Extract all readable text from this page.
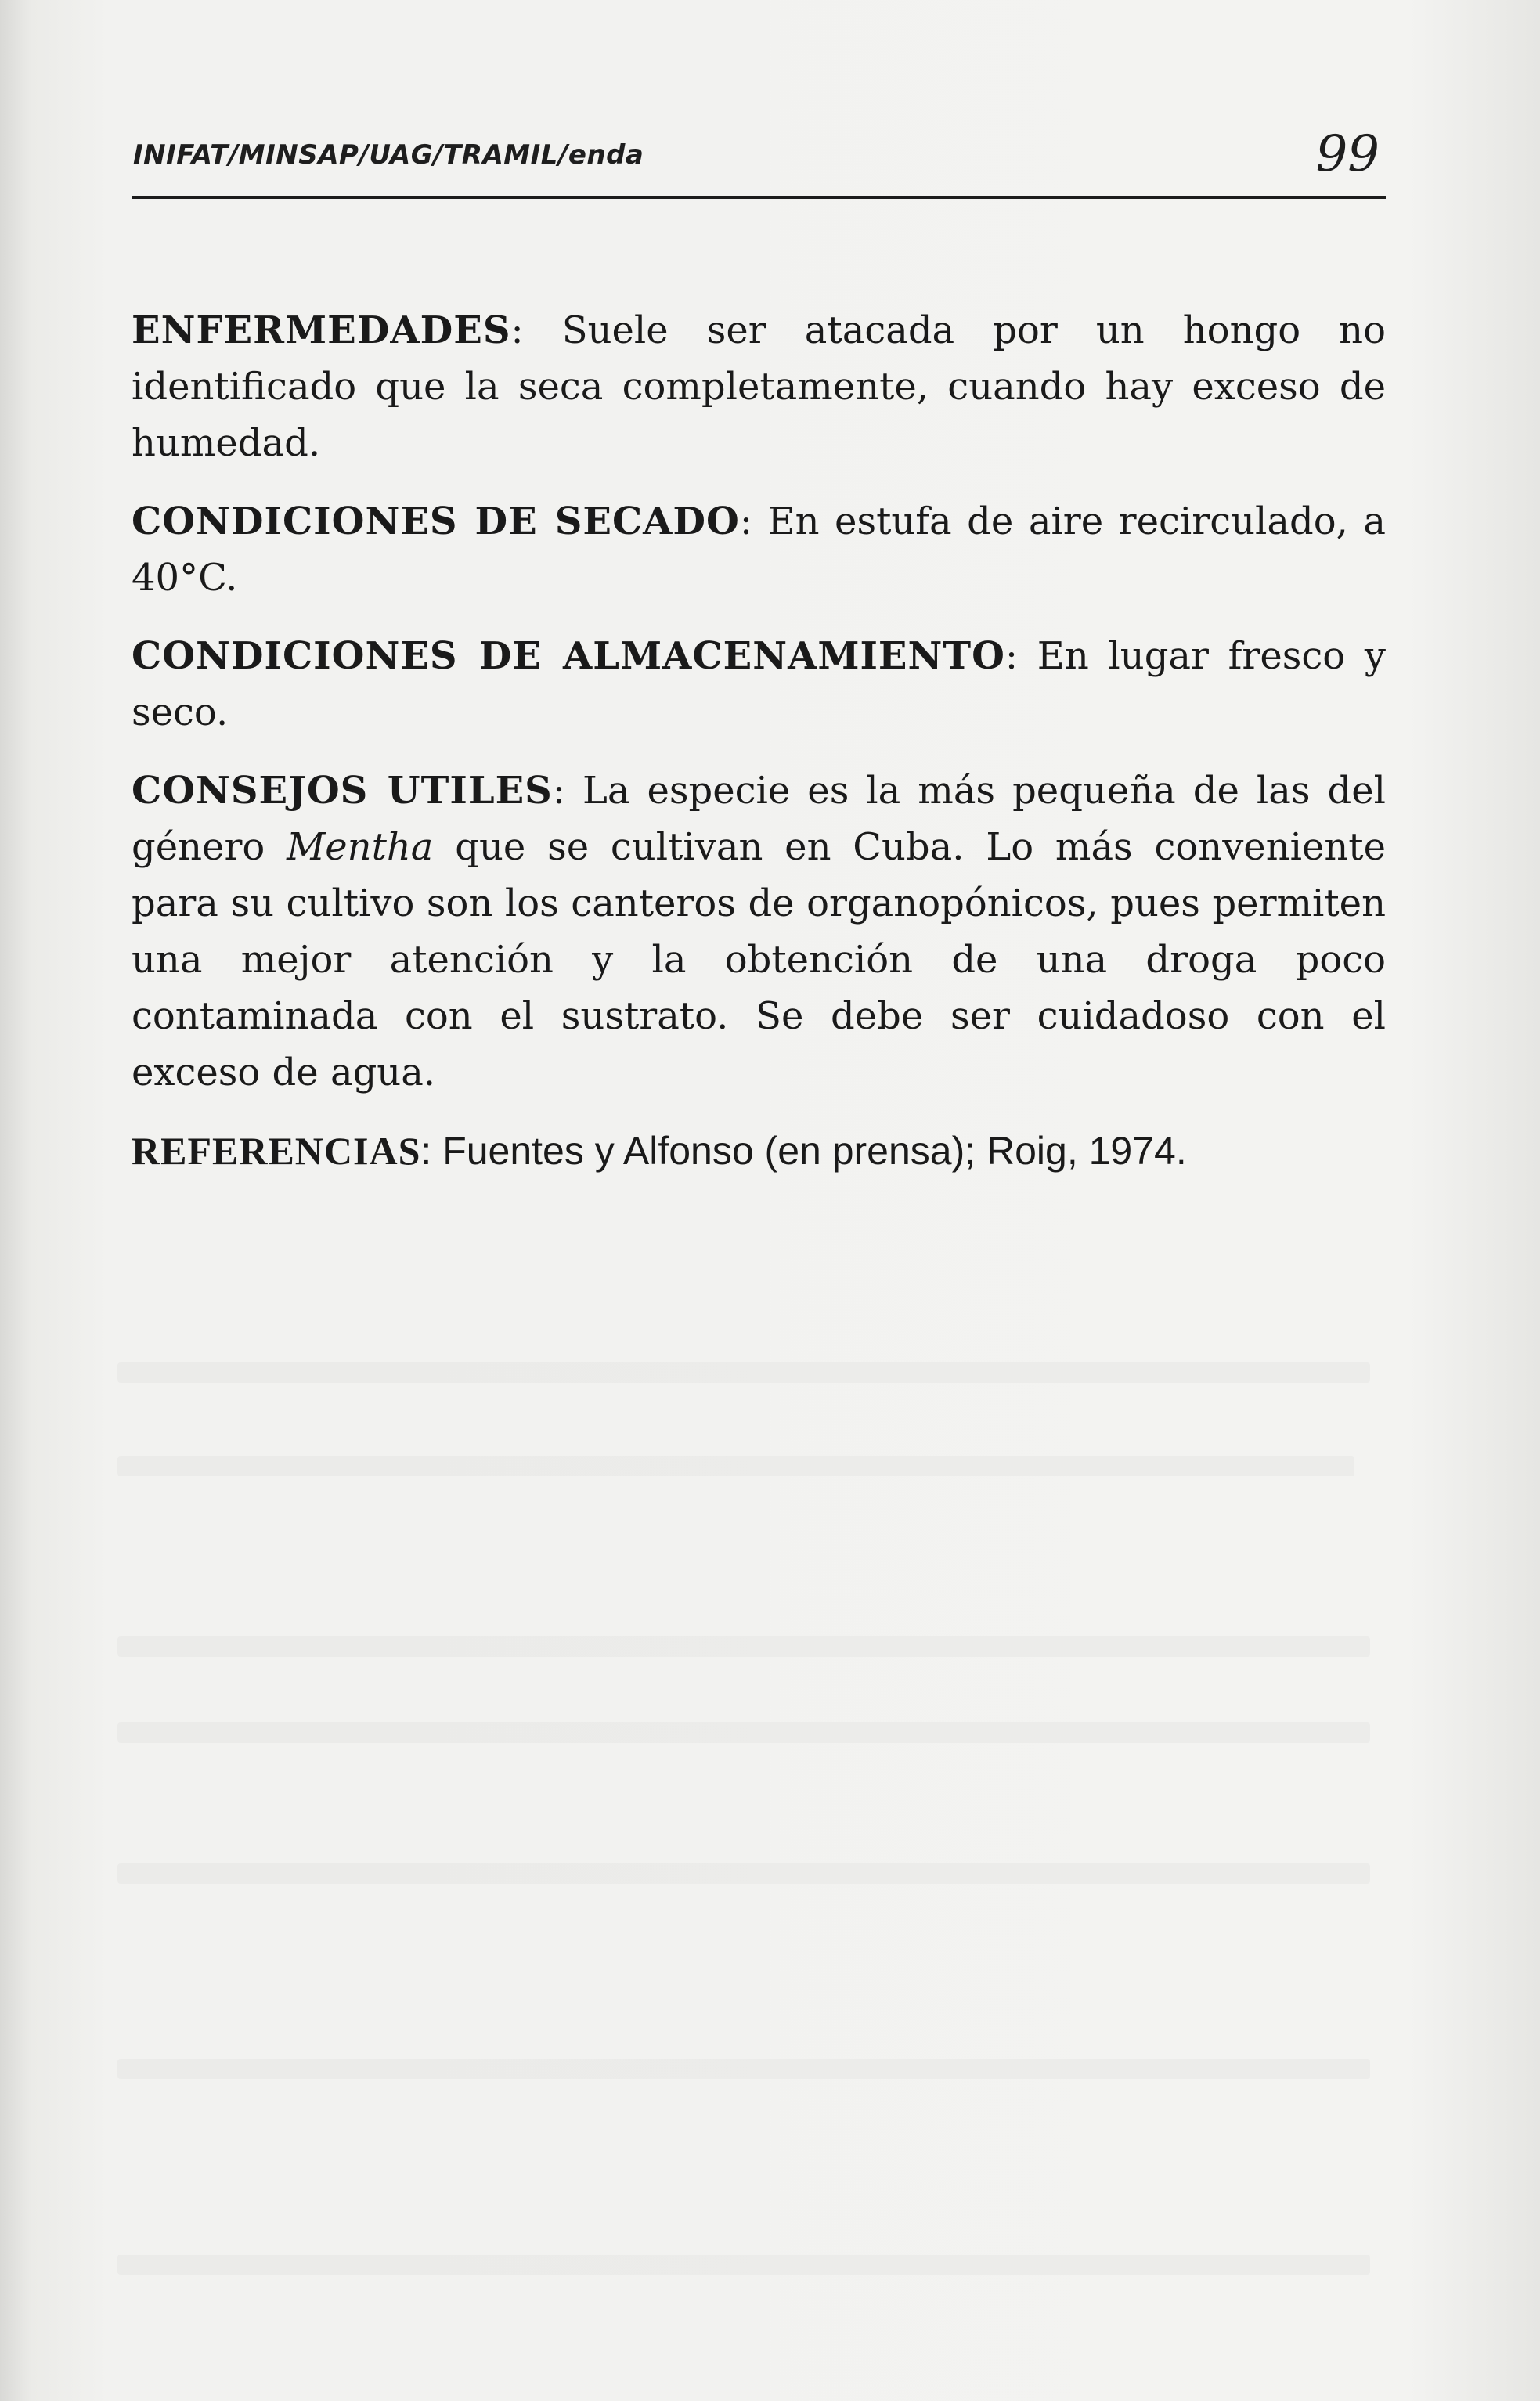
INIFAT/MINSAP/UAG/TRAMIL/enda	99

ENFERMEDADES: Suele ser atacada por un hongo no identificado que la seca completamente, cuando hay exceso de humedad.

CONDICIONES DE SECADO: En estufa de aire recirculado, a 40°C.

CONDICIONES DE ALMACENAMIENTO: En lugar fresco y seco.

CONSEJOS UTILES: La especie es la más pequeña de las del género Mentha que se cultivan en Cuba. Lo más conveniente para su cultivo son los canteros de organopónicos, pues permiten una mejor atención y la obtención de una droga poco contaminada con el sustrato. Se debe ser cuidadoso con el exceso de agua.

REFERENCIAS: Fuentes y Alfonso (en prensa); Roig, 1974.
